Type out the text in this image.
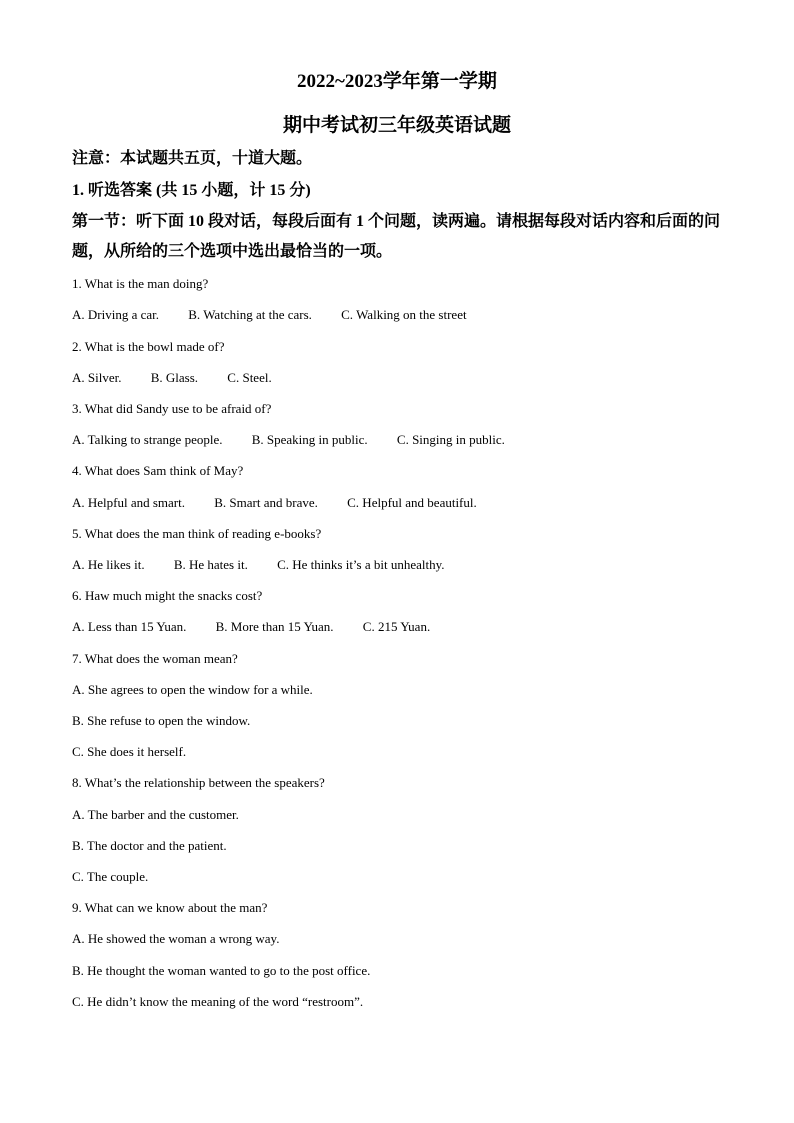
2022~2023学年第一学期
期中考试初三年级英语试题
注意：本试题共五页，十道大题。
1. 听选答案 (共 15 小题，计 15 分)
第一节：听下面 10 段对话，每段后面有 1 个问题，读两遍。请根据每段对话内容和后面的问题，从所给的三个选项中选出最恰当的一项。
1. What is the man doing?
A. Driving a car. B. Watching at the cars. C. Walking on the street
2. What is the bowl made of?
A. Silver. B. Glass. C. Steel.
3. What did Sandy use to be afraid of?
A. Talking to strange people. B. Speaking in public. C. Singing in public.
4. What does Sam think of May?
A. Helpful and smart. B. Smart and brave. C. Helpful and beautiful.
5. What does the man think of reading e-books?
A. He likes it. B. He hates it. C. He thinks it’s a bit unhealthy.
6. Haw much might the snacks cost?
A. Less than 15 Yuan. B. More than 15 Yuan. C. 215 Yuan.
7. What does the woman mean?
A. She agrees to open the window for a while.
B. She refuse to open the window.
C. She does it herself.
8. What’s the relationship between the speakers?
A. The barber and the customer.
B. The doctor and the patient.
C. The couple.
9. What can we know about the man?
A. He showed the woman a wrong way.
B. He thought the woman wanted to go to the post office.
C. He didn’t know the meaning of the word “restroom”.
